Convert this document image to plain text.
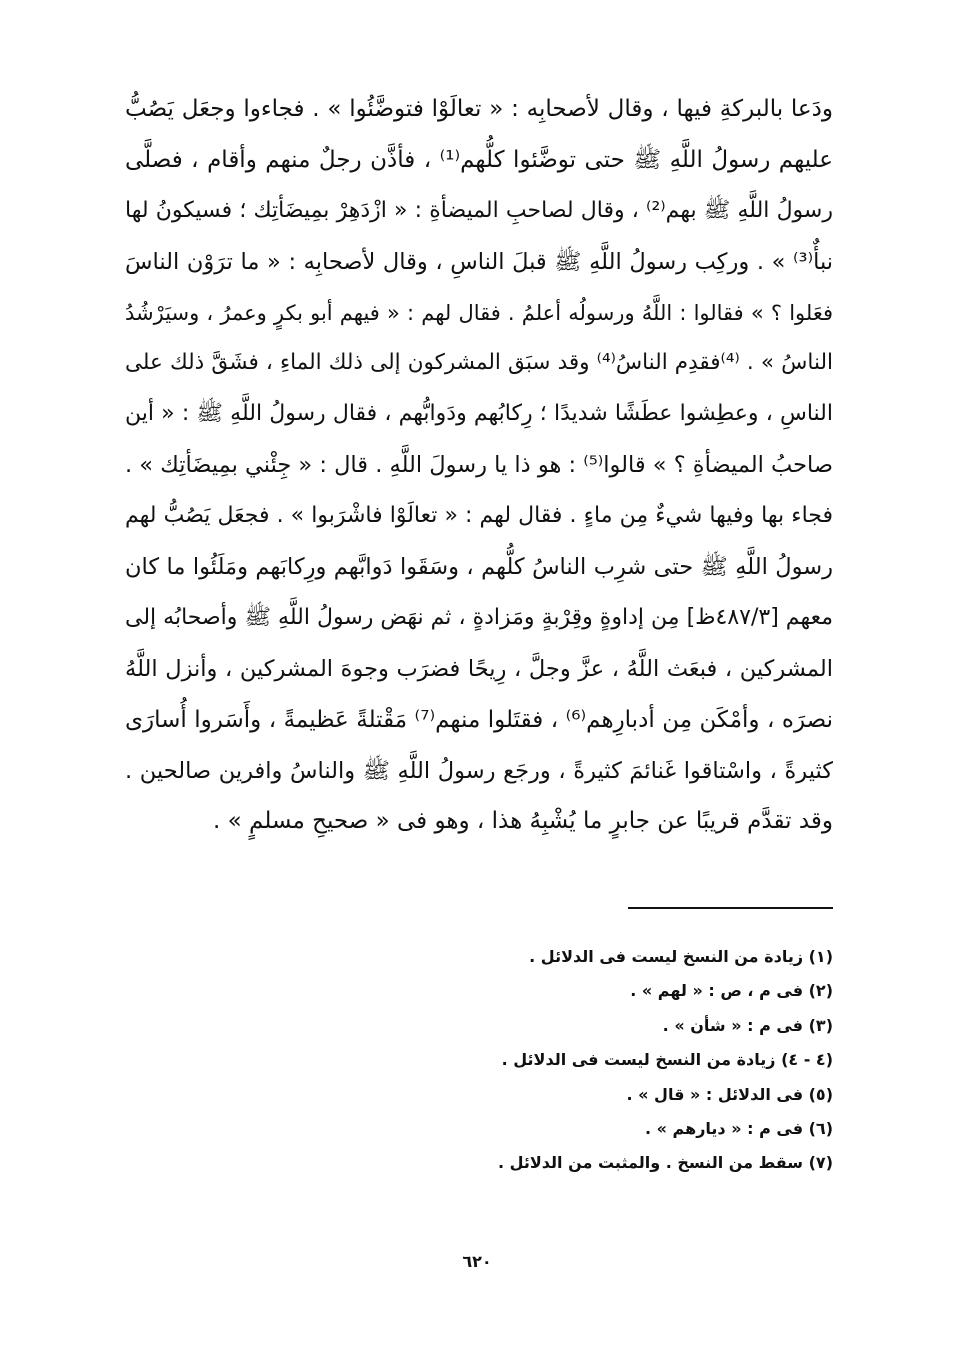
ودَعا بالبركةِ فيها ، وقال لأصحابِه : « تعالَوْا فتوضَّئُوا » . فجاءوا وجعَل يَصُبُّ
عليهم رسولُ اللَّهِ ﷺ حتى توضَّئوا كلُّهم⁽¹⁾ ، فأذَّن رجلٌ منهم وأقام ، فصلَّى
رسولُ اللَّهِ ﷺ بهم⁽²⁾ ، وقال لصاحبِ الميضأةِ : « ازْدَهِرْ بمِيضَأتِك ؛ فسيكونُ لها
نبأٌ⁽³⁾ » . وركِب رسولُ اللَّهِ ﷺ قبلَ الناسِ ، وقال لأصحابِه : « ما ترَوْن الناسَ
فعَلوا ؟ » فقالوا : اللَّهُ ورسولُه أعلمُ . فقال لهم : « فيهم أبو بكرٍ وعمرُ ، وسيَرْشُدُ
الناسُ » . ⁽⁴⁾فقدِم الناسُ⁽⁴⁾ وقد سبَق المشركون إلى ذلك الماءِ ، فشَقَّ ذلك على
الناسِ ، وعطِشوا عطَشًا شديدًا ؛ رِكابُهم ودَوابُّهم ، فقال رسولُ اللَّهِ ﷺ : « أين
صاحبُ الميضأةِ ؟ » قالوا⁽⁵⁾ : هو ذا يا رسولَ اللَّهِ . قال : « جِئْني بمِيضَأتِك » .
فجاء بها وفيها شيءٌ مِن ماءٍ . فقال لهم : « تعالَوْا فاشْرَبوا » . فجعَل يَصُبُّ لهم
رسولُ اللَّهِ ﷺ حتى شرِب الناسُ كلُّهم ، وسَقَوا دَوابَّهم ورِكابَهم ومَلَئُوا ما كان
معهم [٤٨٧/٣ظ] مِن إداوةٍ وقِرْبةٍ ومَزادةٍ ، ثم نهَض رسولُ اللَّهِ ﷺ وأصحابُه إلى
المشركين ، فبعَث اللَّهُ ، عزَّ وجلَّ ، رِيحًا فضرَب وجوهَ المشركين ، وأنزل اللَّهُ
نصرَه ، وأمْكَن مِن أدبارِهم⁽⁶⁾ ، فقتَلوا منهم⁽⁷⁾ مَقْتلةً عَظيمةً ، وأَسَروا أُسارَى
كثيرةً ، واسْتاقوا غَنائمَ كثيرةً ، ورجَع رسولُ اللَّهِ ﷺ والناسُ وافرين صالحين .
وقد تقدَّم قريبًا عن جابرٍ ما يُشْبِهُ هذا ، وهو فى « صحيحِ مسلمٍ » .
(١) زيادة من النسخ ليست فى الدلائل .
(٢) فى م ، ص : « لهم » .
(٣) فى م : « شأن » .
(٤ - ٤) زيادة من النسخ ليست فى الدلائل .
(٥) فى الدلائل : « قال » .
(٦) فى م : « ديارهم » .
(٧) سقط من النسخ . والمثبت من الدلائل .
٦٢٠
